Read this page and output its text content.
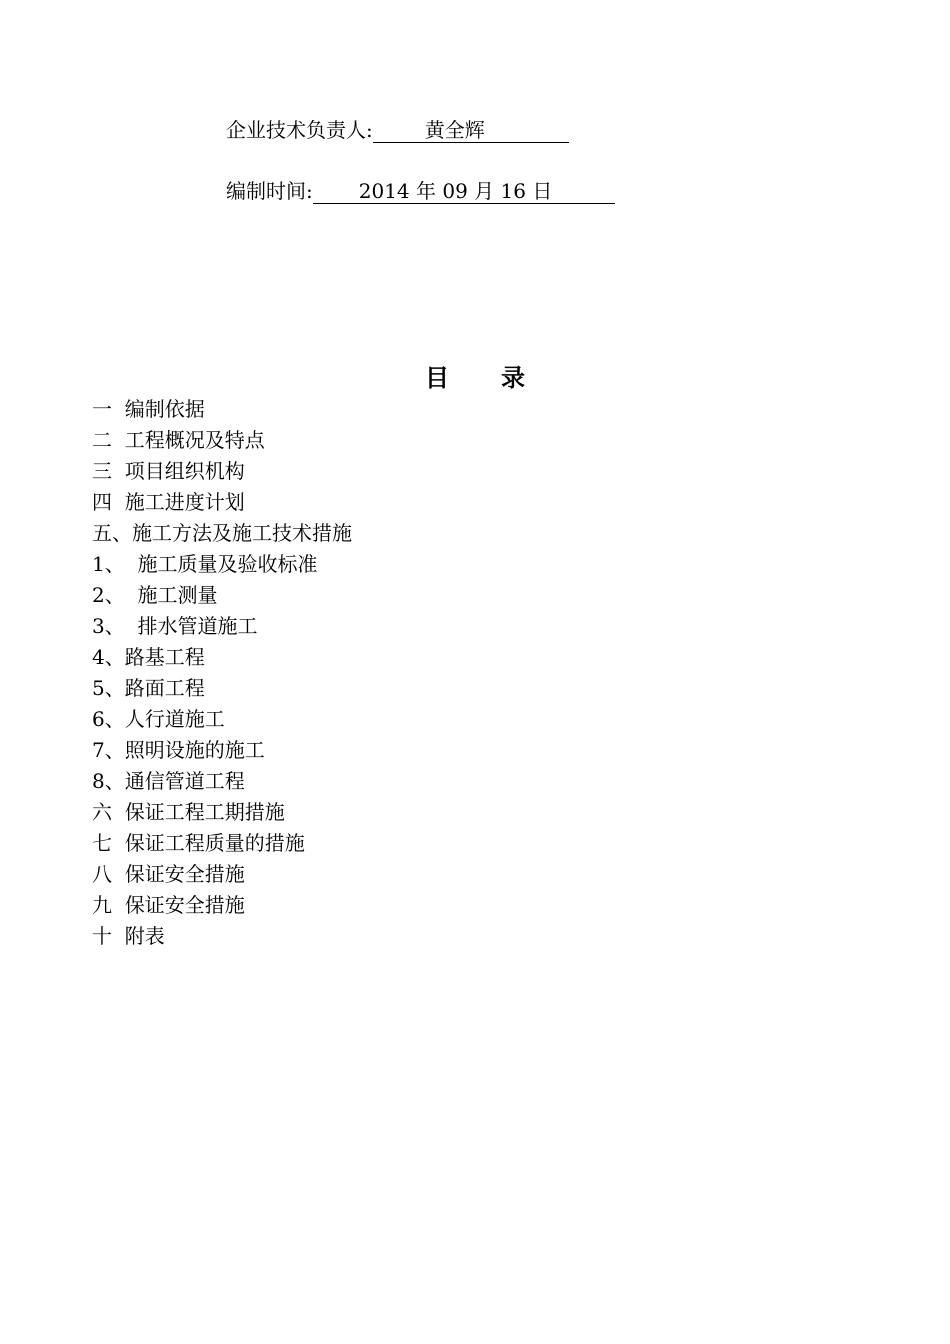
企业技术负责人:	黄全辉
编制时间: 2014 年 09 月 16 日
目录
一  编制依据
二  工程概况及特点
三  项目组织机构
四  施工进度计划
五、施工方法及施工技术措施
1、  施工质量及验收标准
2、  施工测量
3、  排水管道施工
4、路基工程
5、路面工程
6、人行道施工
7、照明设施的施工
8、通信管道工程
六  保证工程工期措施
七  保证工程质量的措施
八  保证安全措施
九  保证安全措施
十  附表
